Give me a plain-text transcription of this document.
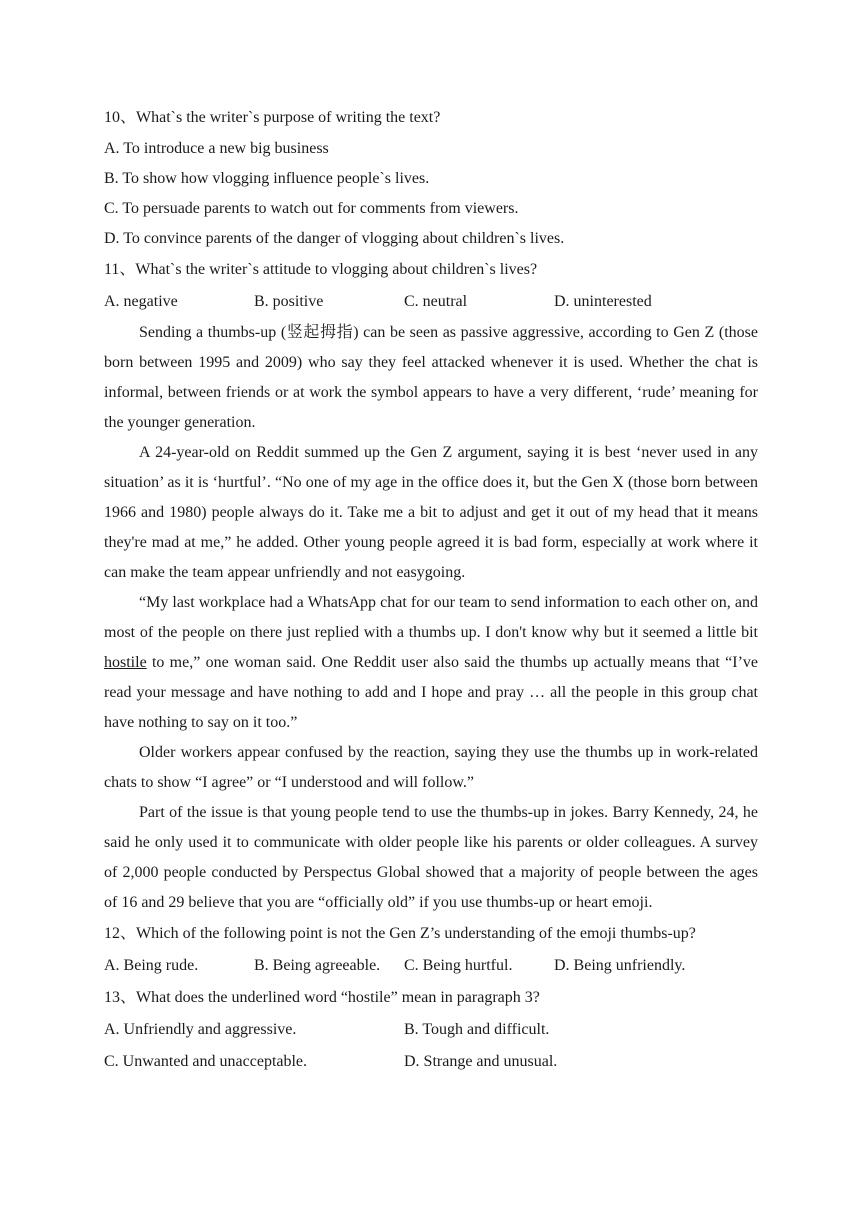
10、What`s the writer`s purpose of writing the text?
A. To introduce a new big business
B. To show how vlogging influence people`s lives.
C. To persuade parents to watch out for comments from viewers.
D. To convince parents of the danger of vlogging about children`s lives.
11、What`s the writer`s attitude to vlogging about children`s lives?
A. negative	B. positive	C. neutral	D. uninterested

Sending a thumbs-up (竖起拇指) can be seen as passive aggressive, according to Gen Z (those born between 1995 and 2009) who say they feel attacked whenever it is used. Whether the chat is informal, between friends or at work the symbol appears to have a very different, ‘rude’ meaning for the younger generation.

A 24-year-old on Reddit summed up the Gen Z argument, saying it is best ‘never used in any situation’ as it is ‘hurtful’. “No one of my age in the office does it, but the Gen X (those born between 1966 and 1980) people always do it. Take me a bit to adjust and get it out of my head that it means they're mad at me,” he added. Other young people agreed it is bad form, especially at work where it can make the team appear unfriendly and not easygoing.

“My last workplace had a WhatsApp chat for our team to send information to each other on, and most of the people on there just replied with a thumbs up. I don't know why but it seemed a little bit hostile to me,” one woman said. One Reddit user also said the thumbs up actually means that “I’ve read your message and have nothing to add and I hope and pray … all the people in this group chat have nothing to say on it too.”

Older workers appear confused by the reaction, saying they use the thumbs up in work-related chats to show “I agree” or “I understood and will follow.”

Part of the issue is that young people tend to use the thumbs-up in jokes. Barry Kennedy, 24, he said he only used it to communicate with older people like his parents or older colleagues. A survey of 2,000 people conducted by Perspectus Global showed that a majority of people between the ages of 16 and 29 believe that you are “officially old” if you use thumbs-up or heart emoji.

12、Which of the following point is not the Gen Z’s understanding of the emoji thumbs-up?
A. Being rude.	B. Being agreeable.	C. Being hurtful.	D. Being unfriendly.
13、What does the underlined word “hostile” mean in paragraph 3?
A. Unfriendly and aggressive.	B. Tough and difficult.
C. Unwanted and unacceptable.	D. Strange and unusual.
